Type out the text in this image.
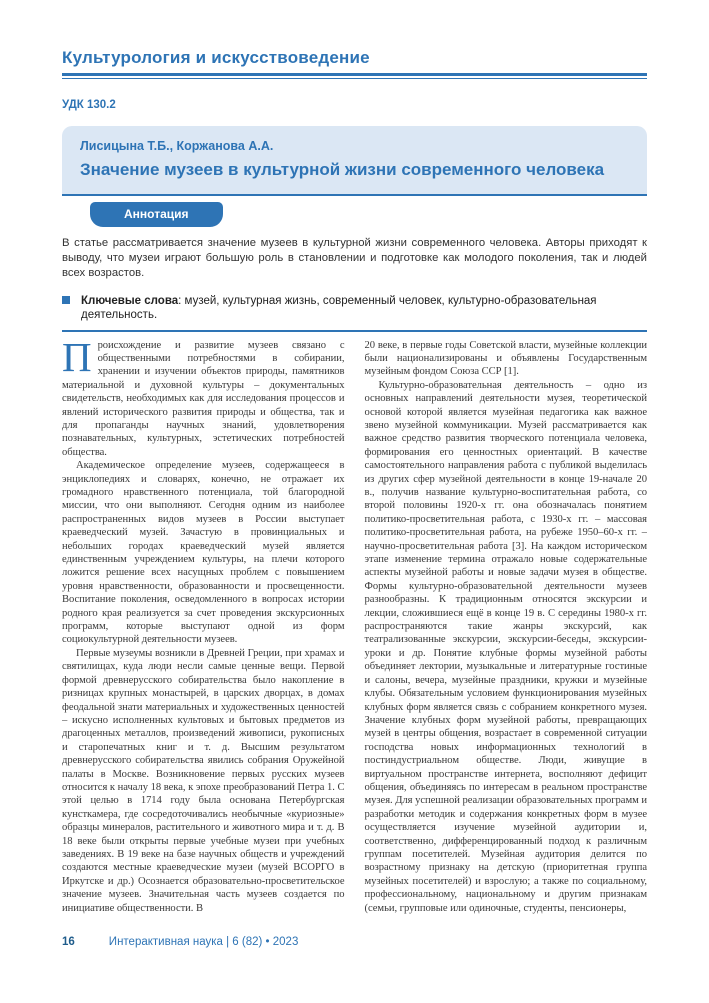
Культурология и искусствоведение
УДК 130.2
Лисицына Т.Б., Коржанова А.А.
Значение музеев в культурной жизни современного человека
Аннотация
В статье рассматривается значение музеев в культурной жизни современного человека. Авторы приходят к выводу, что музеи играют большую роль в становлении и подготовке как молодого поколения, так и людей всех возрастов.
Ключевые слова: музей, культурная жизнь, современный человек, культурно-образовательная деятельность.

Происхождение и развитие музеев связано с общественными потребностями в собирании, хранении и изучении объектов природы, памятников материальной и духовной культуры – документальных свидетельств, необходимых как для исследования процессов и явлений исторического развития природы и общества, так и для пропаганды научных знаний, удовлетворения познавательных, культурных, эстетических потребностей общества.

Академическое определение музеев, содержащееся в энциклопедиях и словарях, конечно, не отражает их громадного нравственного потенциала, той благородной миссии, что они выполняют. Сегодня одним из наиболее распространенных видов музеев в России выступает краеведческий музей. Зачастую в провинциальных и небольших городах краеведческий музей является единственным учреждением культуры, на плечи которого ложится решение всех насущных проблем с повышением уровня нравственности, образованности и просвещенности. Воспитание поколения, осведомленного в вопросах истории родного края реализуется за счет проведения экскурсионных программ, которые выступают одной из форм социокультурной деятельности музеев.

Первые музеумы возникли в Древней Греции, при храмах и святилищах, куда люди несли самые ценные вещи. Первой формой древнерусского собирательства было накопление в ризницах крупных монастырей, в царских дворцах, в домах феодальной знати материальных и художественных ценностей – искусно исполненных культовых и бытовых предметов из драгоценных металлов, произведений живописи, рукописных и старопечатных книг и т. д. Высшим результатом древнерусского собирательства явились собрания Оружейной палаты в Москве. Возникновение первых русских музеев относится к началу 18 века, к эпохе преобразований Петра 1. С этой целью в 1714 году была основана Петербургская кунсткамера, где сосредоточивались необычные «куриозные» образцы минералов, растительного и животного мира и т. д. В 18 веке были открыты первые учебные музеи при учебных заведениях. В 19 веке на базе научных обществ и учреждений создаются местные краеведческие музеи (музей ВСОРГО в Иркутске и др.) Осознается образовательно-просветительское значение музеев. Значительная часть музеев создается по инициативе общественности. В

20 веке, в первые годы Советской власти, музейные коллекции были национализированы и объявлены Государственным музейным фондом Союза ССР [1].

Культурно-образовательная деятельность – одно из основных направлений деятельности музея, теоретической основой которой является музейная педагогика как важное звено музейной коммуникации. Музей рассматривается как важное средство развития творческого потенциала человека, формирования его ценностных ориентаций. В качестве самостоятельного направления работа с публикой выделилась из других сфер музейной деятельности в конце 19-начале 20 в., получив название культурно-воспитательная работа, со второй половины 1920-х гг. она обозначалась понятием политико-просветительная работа, с 1930-х гг. – массовая политико-просветительная работа, на рубеже 1950–60-х гг. – научно-просветительная работа [3]. На каждом историческом этапе изменение термина отражало новые содержательные аспекты музейной работы и новые задачи музея в обществе. Формы культурно-образовательной деятельности музеев разнообразны. К традиционным относятся экскурсии и лекции, сложившиеся ещё в конце 19 в. С середины 1980-х гг. распространяются такие жанры экскурсий, как театрализованные экскурсии, экскурсии-беседы, экскурсии-уроки и др. Понятие клубные формы музейной работы объединяет лектории, музыкальные и литературные гостиные и салоны, вечера, музейные праздники, кружки и музейные клубы. Обязательным условием функционирования музейных клубных форм является связь с собранием конкретного музея. Значение клубных форм музейной работы, превращающих музей в центры общения, возрастает в современной ситуации господства новых информационных технологий в постиндустриальном обществе. Люди, живущие в виртуальном пространстве интернета, восполняют дефицит общения, объединяясь по интересам в реальном пространстве музея. Для успешной реализации образовательных программ и разработки методик и содержания конкретных форм в музее осуществляется изучение музейной аудитории и, соответственно, дифференцированный подход к различным группам посетителей. Музейная аудитория делится по возрастному признаку на детскую (приоритетная группа музейных посетителей) и взрослую; а также по социальному, профессиональному, национальному и другим признакам (семьи, групповые или одиночные, студенты, пенсионеры,

16	Интерактивная наука | 6 (82) • 2023
